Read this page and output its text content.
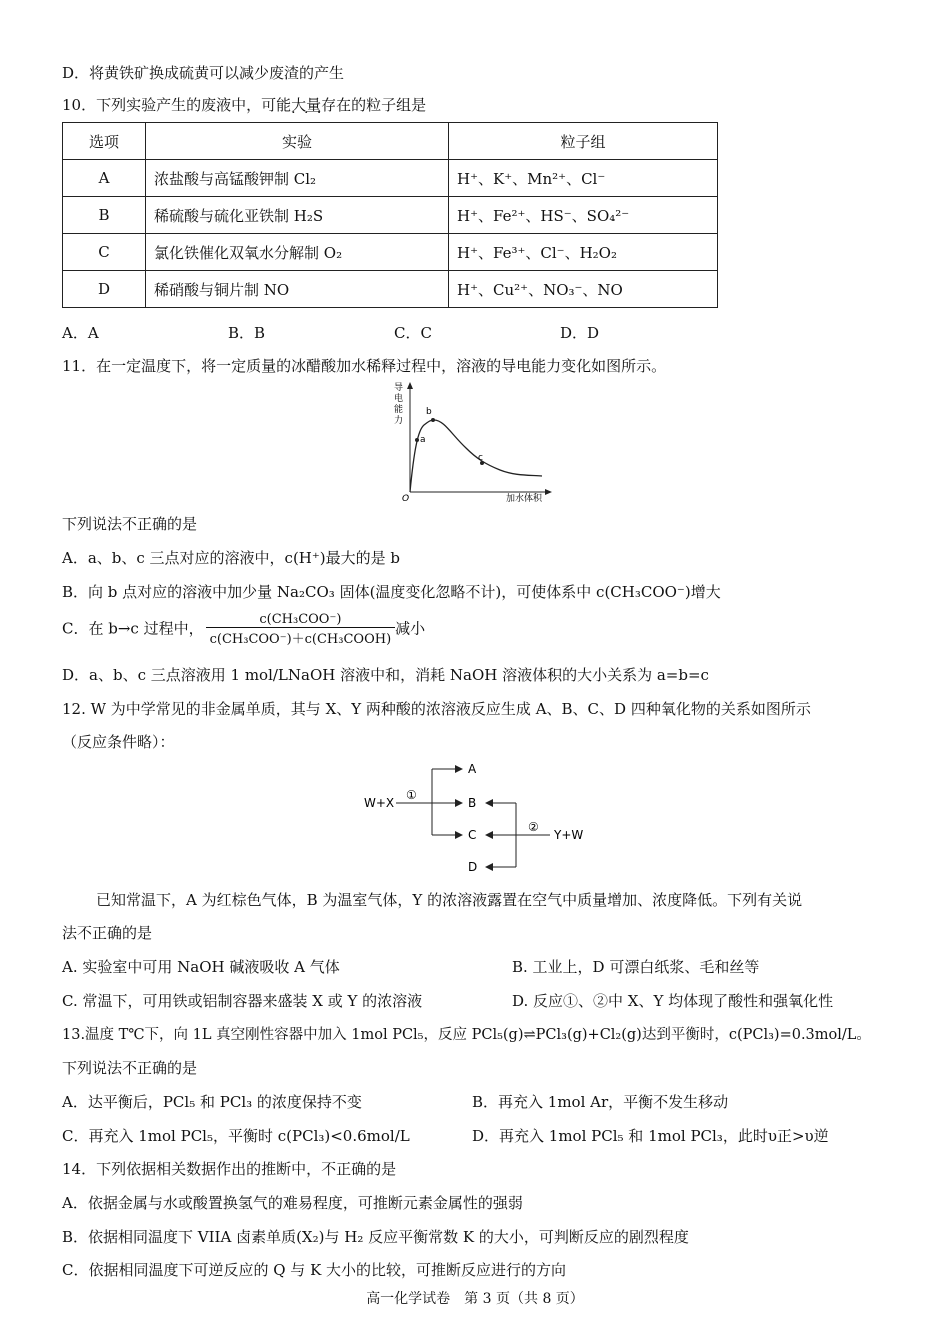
D．将黄铁矿换成硫黄可以减少废渣的产生
10．下列实验产生的废液中，可能大量存在 · · ·的粒子组是
选项	实验	粒子组
A	浓盐酸与高锰酸钾制 Cl₂	H⁺、K⁺、Mn²⁺、Cl⁻
B	稀硫酸与硫化亚铁制 H₂S	H⁺、Fe²⁺、HS⁻、SO₄²⁻
C	氯化铁催化双氧水分解制 O₂	H⁺、Fe³⁺、Cl⁻、H₂O₂
D	稀硝酸与铜片制 NO	H⁺、Cu²⁺、NO₃⁻、NO
A．A	B．B	C．C	D．D
11．在一定温度下，将一定质量的冰醋酸加水稀释过程中，溶液的导电能力变化如图所示。
导
电
能
力
a
b
c
O	加水体积
下列说法不正确的是
A．a、b、c 三点对应的溶液中，c(H⁺)最大的是 b
B．向 b 点对应的溶液中加少量 Na₂CO₃ 固体(温度变化忽略不计)，可使体系中 c(CH₃COO⁻)增大
C．在 b→c 过程中， $\frac{\text{c(CH₃COO⁻)}}{\text{c(CH₃COO⁻)＋c(CH₃COOH)}}$ 减小
D．a、b、c 三点溶液用 1 mol/LNaOH 溶液中和，消耗 NaOH 溶液体积的大小关系为 a=b=c
12. W 为中学常见的非金属单质，其与 X、Y 两种酸的浓溶液反应生成 A、B、C、D 四种氧化物的关系如图所示
（反应条件略）：
W+X
①
A
B
C
D
②
Y+W
已知常温下，A 为红棕色气体，B 为温室气体，Y 的浓溶液露置在空气中质量增加、浓度降低。下列有关说
法不正确的是
A. 实验室中可用 NaOH 碱液吸收 A 气体	B. 工业上，D 可漂白纸浆、毛和丝等
C. 常温下，可用铁或铝制容器来盛装 X 或 Y 的浓溶液	D. 反应①、②中 X、Y 均体现了酸性和强氧化性
13.温度 T℃下，向 1L 真空刚性容器中加入 1mol PCl₅，反应 PCl₅(g)⇌PCl₃(g)+Cl₂(g)达到平衡时，c(PCl₃)=0.3mol/L。
下列说法不正确的是
A．达平衡后，PCl₅ 和 PCl₃ 的浓度保持不变	B．再充入 1mol Ar，平衡不发生移动
C．再充入 1mol PCl₅，平衡时 c(PCl₃)<0.6mol/L	D．再充入 1mol PCl₅ 和 1mol PCl₃，此时υ正>υ逆
14．下列依据相关数据作出的推断中，不正确的是
A．依据金属与水或酸置换氢气的难易程度，可推断元素金属性的强弱
B．依据相同温度下 VIIA 卤素单质(X₂)与 H₂ 反应平衡常数 K 的大小，可判断反应的剧烈程度
C．依据相同温度下可逆反应的 Q 与 K 大小的比较，可推断反应进行的方向
高一化学试卷　第 3 页（共 8 页）
